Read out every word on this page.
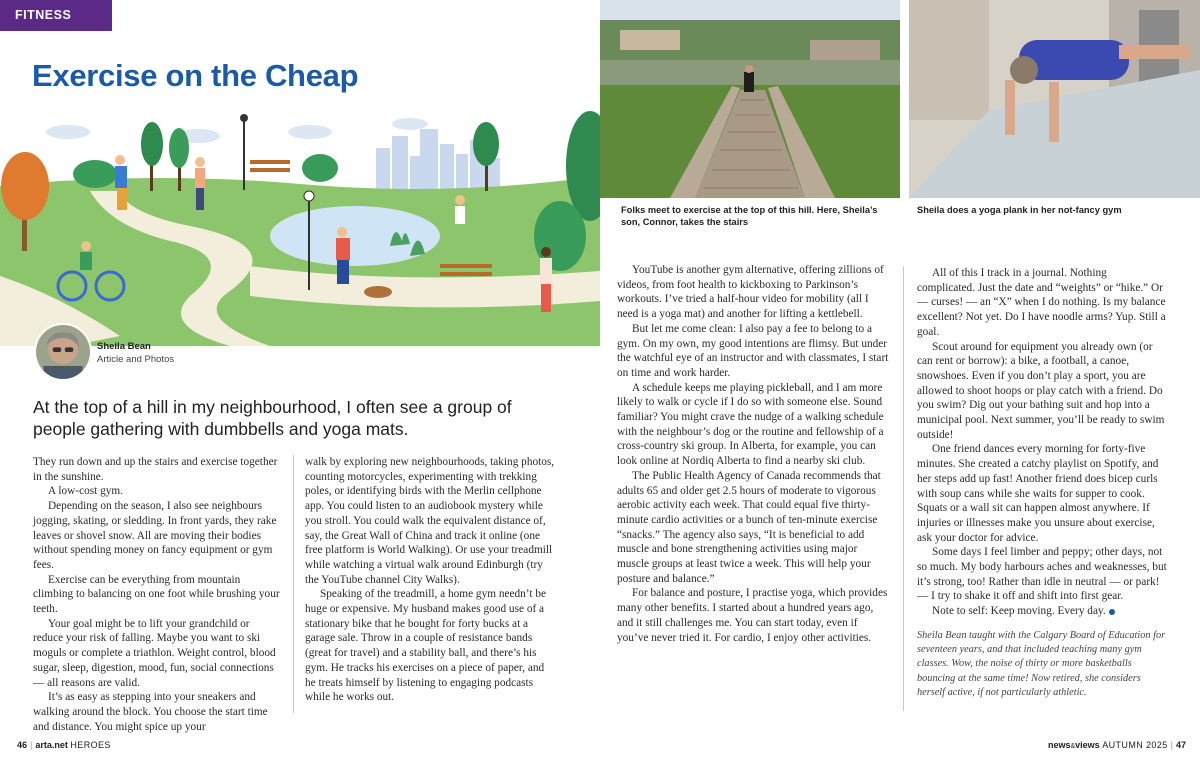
FITNESS
Exercise on the Cheap
Sheila Bean
Article and Photos

At the top of a hill in my neighbourhood, I often see a group of people gathering with dumbbells and yoga mats.

They run down and up the stairs and exercise together in the sunshine.

A low-cost gym.

Depending on the season, I also see neighbours jogging, skating, or sledding. In front yards, they rake leaves or shovel snow. All are moving their bodies without spending money on fancy equipment or gym fees.

Exercise can be everything from mountain climbing to balancing on one foot while brushing your teeth.

Your goal might be to lift your grandchild or reduce your risk of falling. Maybe you want to ski moguls or complete a triathlon. Weight control, blood sugar, sleep, digestion, mood, fun, social connections — all reasons are valid.

It’s as easy as stepping into your sneakers and walking around the block. You choose the start time and distance. You might spice up your

walk by exploring new neighbourhoods, taking photos, counting motorcycles, experimenting with trekking poles, or identifying birds with the Merlin cellphone app. You could listen to an audiobook mystery while you stroll. You could walk the equivalent distance of, say, the Great Wall of China and track it online (one free platform is World Walking). Or use your treadmill while watching a virtual walk around Edinburgh (try the YouTube channel City Walks).

Speaking of the treadmill, a home gym needn’t be huge or expensive. My husband makes good use of a stationary bike that he bought for forty bucks at a garage sale. Throw in a couple of resistance bands (great for travel) and a stability ball, and there’s his gym. He tracks his exercises on a piece of paper, and he treats himself by listening to engaging podcasts while he works out.

Folks meet to exercise at the top of this hill. Here, Sheila’s son, Connor, takes the stairs
Sheila does a yoga plank in her not-fancy gym

YouTube is another gym alternative, offering zillions of videos, from foot health to kickboxing to Parkinson’s workouts. I’ve tried a half-hour video for mobility (all I need is a yoga mat) and another for lifting a kettlebell.

But let me come clean: I also pay a fee to belong to a gym. On my own, my good intentions are flimsy. But under the watchful eye of an instructor and with classmates, I start on time and work harder.

A schedule keeps me playing pickleball, and I am more likely to walk or cycle if I do so with someone else. Sound familiar? You might crave the nudge of a walking schedule with the neighbour’s dog or the routine and fellowship of a cross-country ski group. In Alberta, for example, you can look online at Nordiq Alberta to find a nearby ski club.

The Public Health Agency of Canada recommends that adults 65 and older get 2.5 hours of moderate to vigorous aerobic activity each week. That could equal five thirty-minute cardio activities or a bunch of ten-minute exercise “snacks.” The agency also says, “It is beneficial to add muscle and bone strengthening activities using major muscle groups at least twice a week. This will help your posture and balance.”

For balance and posture, I practise yoga, which provides many other benefits. I started about a hundred years ago, and it still challenges me. You can start today, even if you’ve never tried it. For cardio, I enjoy other activities.

All of this I track in a journal. Nothing complicated. Just the date and “weights” or “hike.” Or — curses! — an “X” when I do nothing. Is my balance excellent? Not yet. Do I have noodle arms? Yup. Still a goal.

Scout around for equipment you already own (or can rent or borrow): a bike, a football, a canoe, snowshoes. Even if you don’t play a sport, you are allowed to shoot hoops or play catch with a friend. Do you swim? Dig out your bathing suit and hop into a municipal pool. Next summer, you’ll be ready to swim outside!

One friend dances every morning for forty-five minutes. She created a catchy playlist on Spotify, and her steps add up fast! Another friend does bicep curls with soup cans while she waits for supper to cook. Squats or a wall sit can happen almost anywhere. If injuries or illnesses make you unsure about exercise, ask your doctor for advice.

Some days I feel limber and peppy; other days, not so much. My body harbours aches and weaknesses, but it’s strong, too! Rather than idle in neutral — or park! — I try to shake it off and shift into first gear.

Note to self: Keep moving. Every day.

Sheila Bean taught with the Calgary Board of Education for seventeen years, and that included teaching many gym classes. Wow, the noise of thirty or more basketballs bouncing at the same time! Now retired, she considers herself active, if not particularly athletic.

46 | arta.net HEROES	news&views AUTUMN 2025 | 47
